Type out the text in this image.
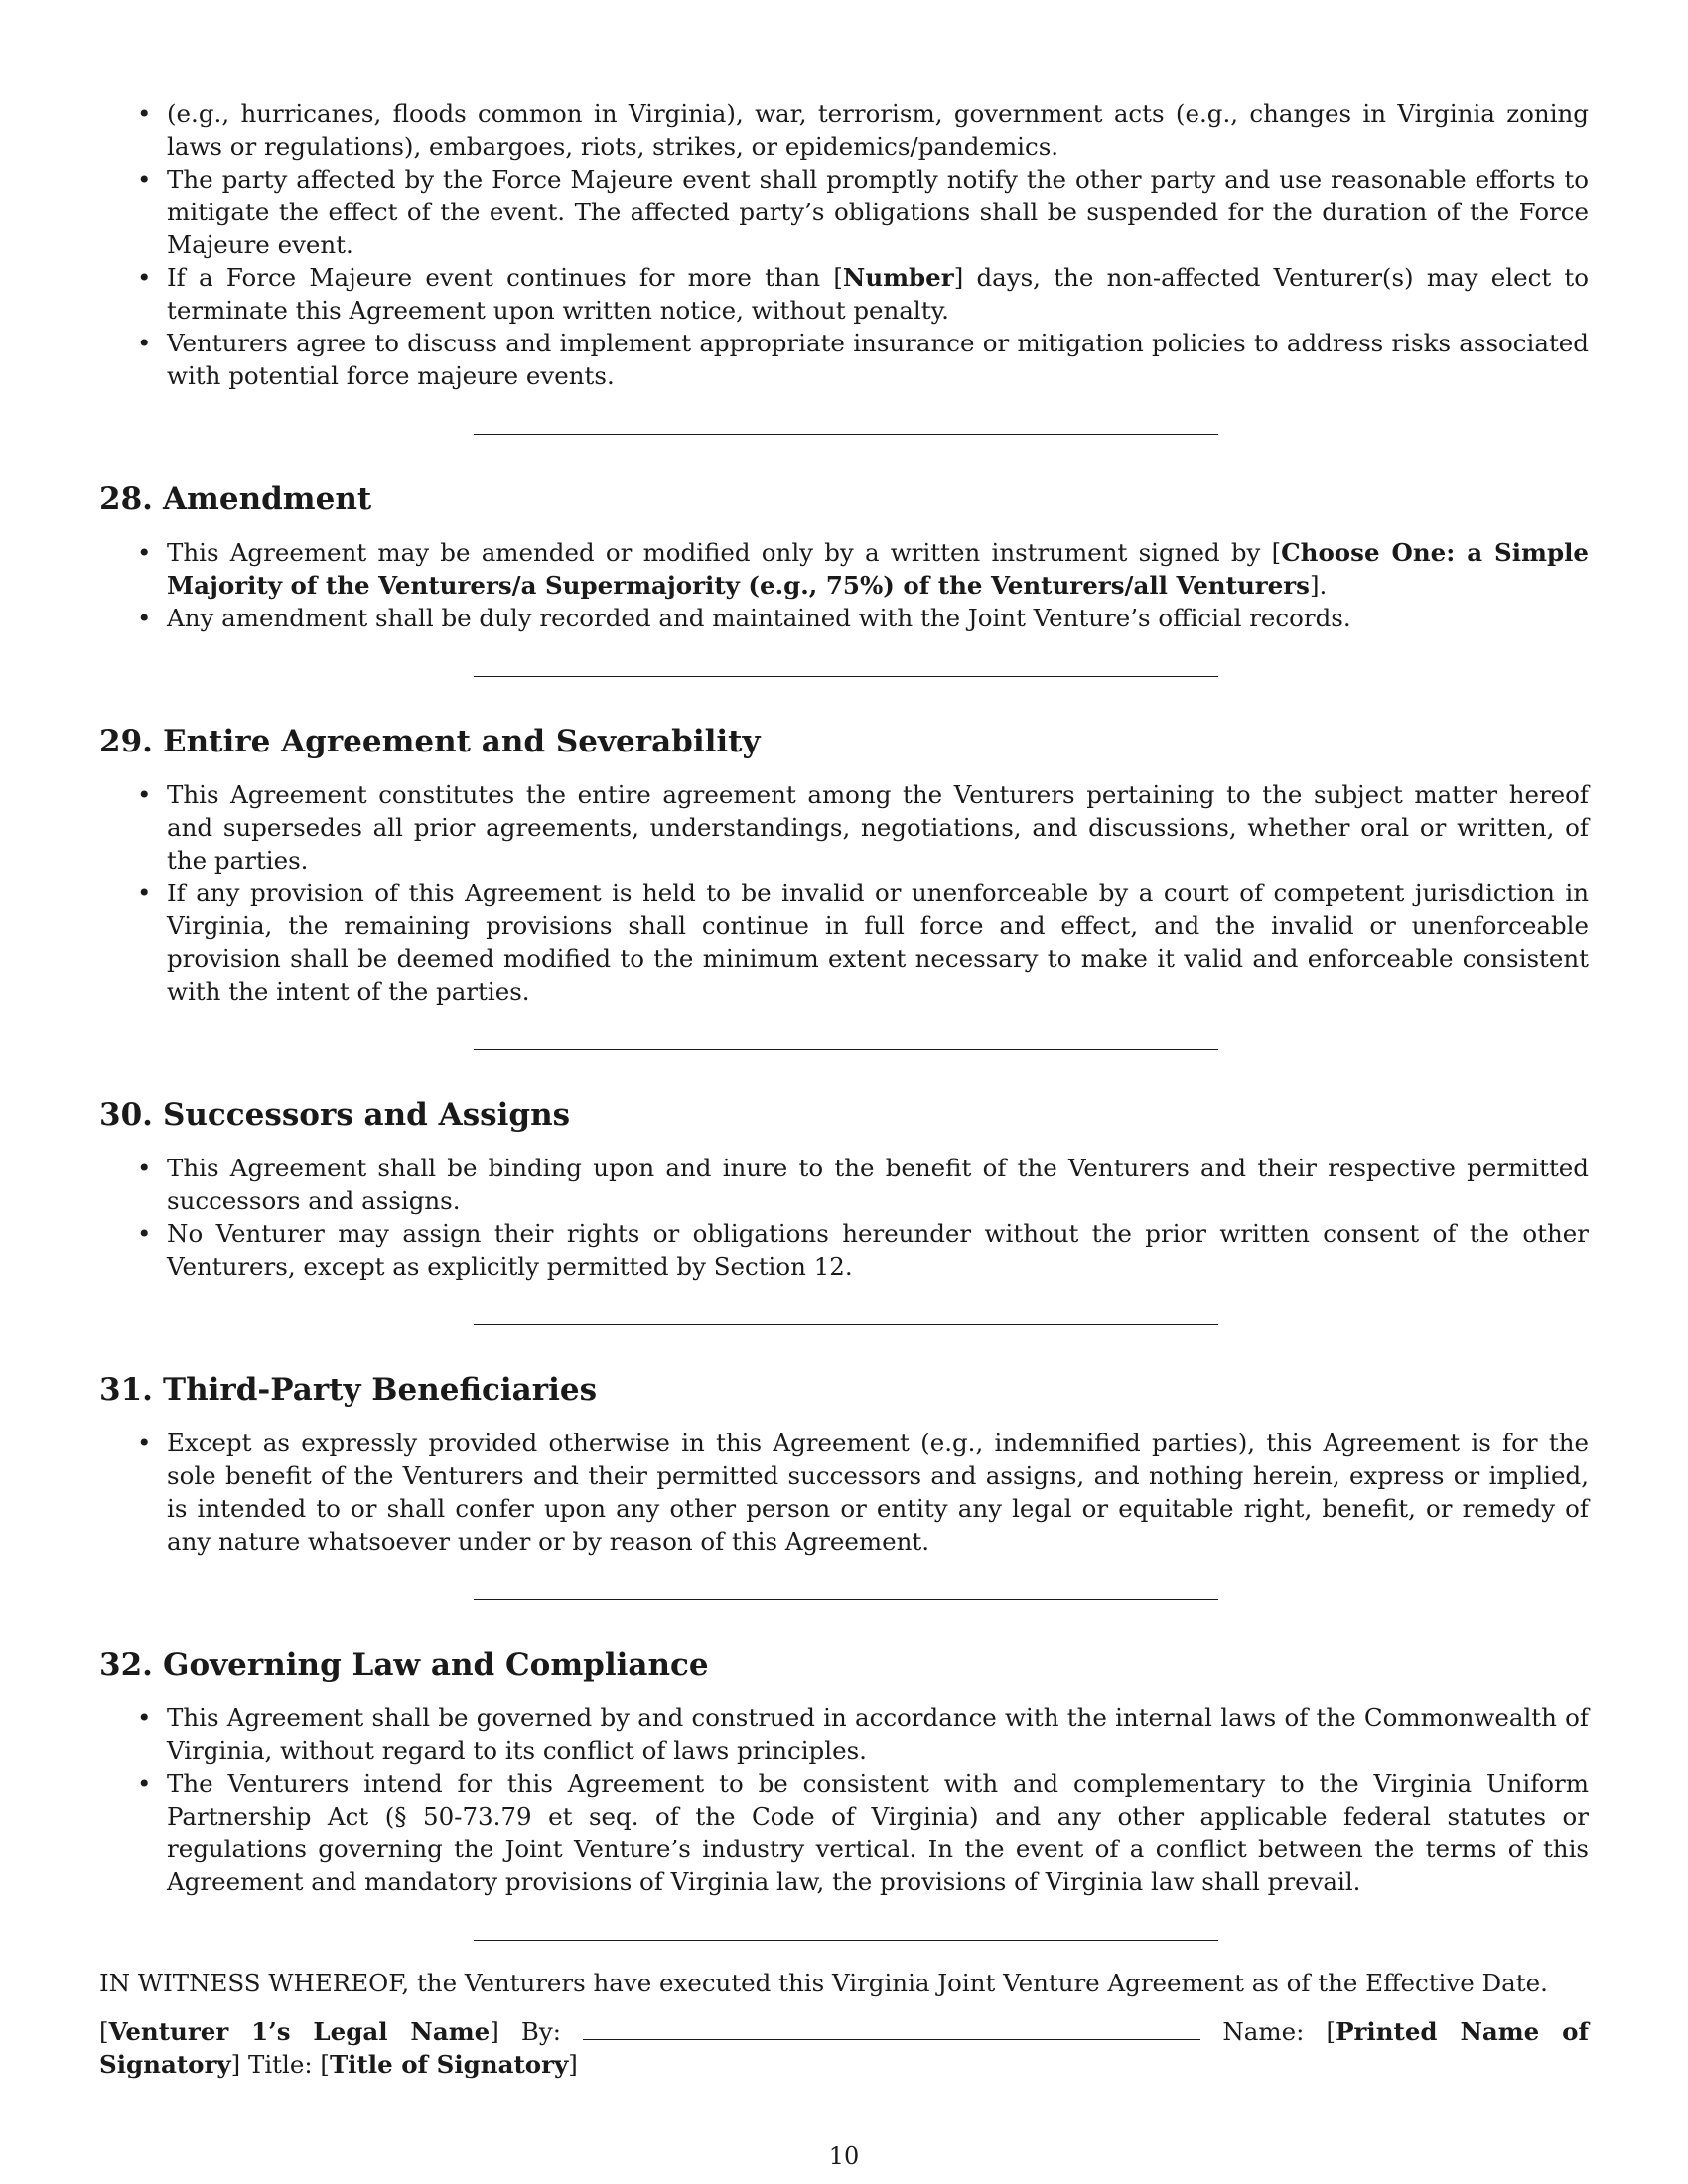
• (e.g., hurricanes, floods common in Virginia), war, terrorism, government acts (e.g., changes in Virginia zoning laws or regulations), embargoes, riots, strikes, or epidemics/pandemics.
• The party affected by the Force Majeure event shall promptly notify the other party and use reasonable efforts to mitigate the effect of the event. The affected party’s obligations shall be suspended for the duration of the Force Majeure event.
• If a Force Majeure event continues for more than [Number] days, the non-affected Venturer(s) may elect to terminate this Agreement upon written notice, without penalty.
• Venturers agree to discuss and implement appropriate insurance or mitigation policies to address risks associated with potential force majeure events.
28. Amendment
• This Agreement may be amended or modified only by a written instrument signed by [Choose One: a Simple Majority of the Venturers/a Supermajority (e.g., 75%) of the Venturers/all Venturers].
• Any amendment shall be duly recorded and maintained with the Joint Venture’s official records.
29. Entire Agreement and Severability
• This Agreement constitutes the entire agreement among the Venturers pertaining to the subject matter hereof and supersedes all prior agreements, understandings, negotiations, and discussions, whether oral or written, of the parties.
• If any provision of this Agreement is held to be invalid or unenforceable by a court of competent jurisdiction in Virginia, the remaining provisions shall continue in full force and effect, and the invalid or unenforceable provision shall be deemed modified to the minimum extent necessary to make it valid and enforceable consistent with the intent of the parties.
30. Successors and Assigns
• This Agreement shall be binding upon and inure to the benefit of the Venturers and their respective permitted successors and assigns.
• No Venturer may assign their rights or obligations hereunder without the prior written consent of the other Venturers, except as explicitly permitted by Section 12.
31. Third-Party Beneficiaries
• Except as expressly provided otherwise in this Agreement (e.g., indemnified parties), this Agreement is for the sole benefit of the Venturers and their permitted successors and assigns, and nothing herein, express or implied, is intended to or shall confer upon any other person or entity any legal or equitable right, benefit, or remedy of any nature whatsoever under or by reason of this Agreement.
32. Governing Law and Compliance
• This Agreement shall be governed by and construed in accordance with the internal laws of the Commonwealth of Virginia, without regard to its conflict of laws principles.
• The Venturers intend for this Agreement to be consistent with and complementary to the Virginia Uniform Partnership Act (§ 50-73.79 et seq. of the Code of Virginia) and any other applicable federal statutes or regulations governing the Joint Venture’s industry vertical. In the event of a conflict between the terms of this Agreement and mandatory provisions of Virginia law, the provisions of Virginia law shall prevail.
IN WITNESS WHEREOF, the Venturers have executed this Virginia Joint Venture Agreement as of the Effective Date.
[Venturer 1’s Legal Name] By:	Name: [Printed Name of Signatory] Title: [Title of Signatory]
10
